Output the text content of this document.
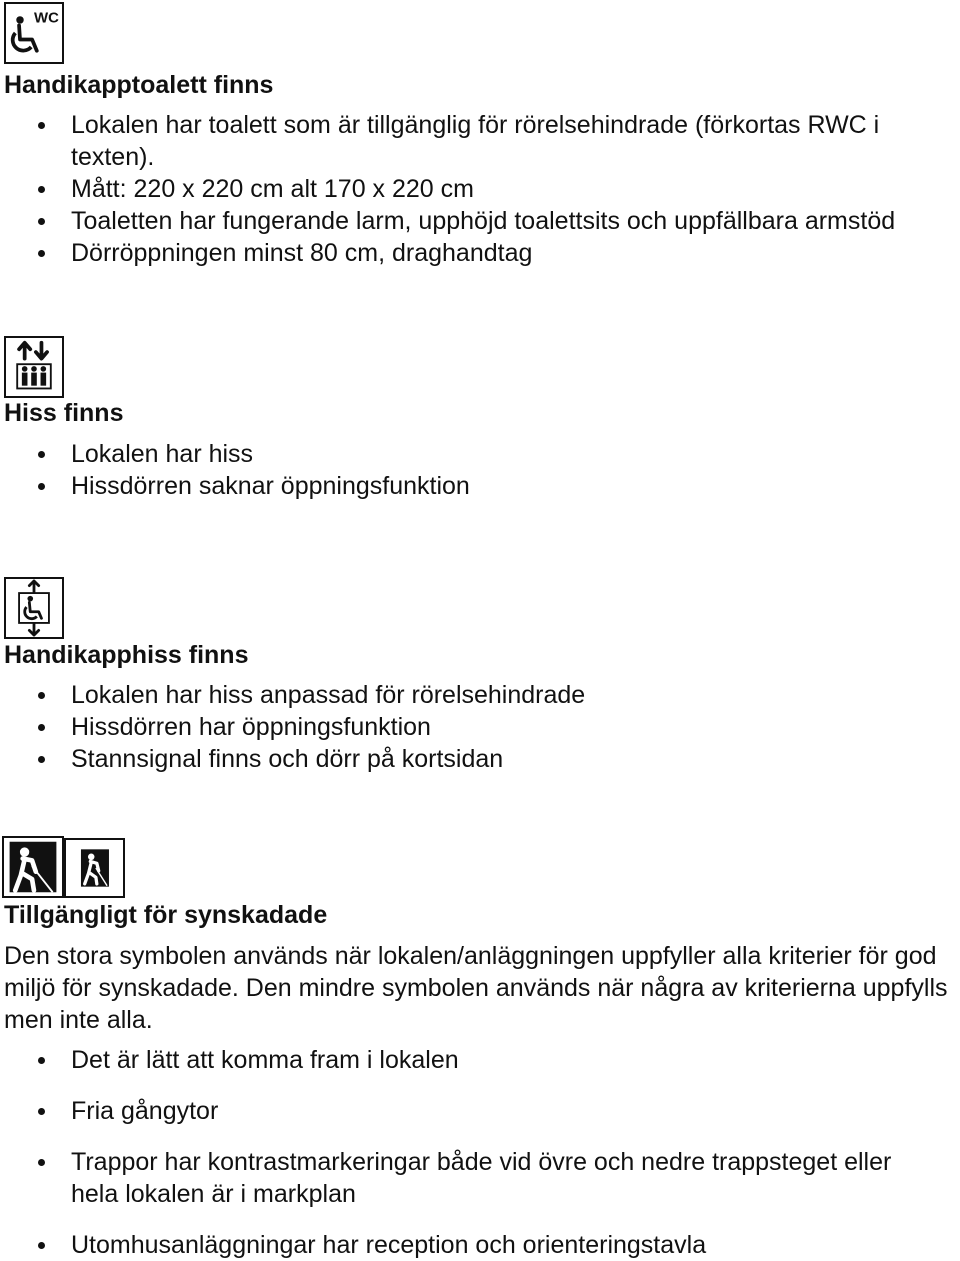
WC
Handikapptoalett finns
Lokalen har toalett som är tillgänglig för rörelsehindrade (förkortas RWC i texten).
Mått: 220 x 220 cm alt 170 x 220 cm
Toaletten har fungerande larm, upphöjd toalettsits och uppfällbara armstöd
Dörröppningen minst 80 cm, draghandtag
Hiss finns
Lokalen har hiss
Hissdörren saknar öppningsfunktion
Handikapphiss finns
Lokalen har hiss anpassad för rörelsehindrade
Hissdörren har öppningsfunktion
Stannsignal finns och dörr på kortsidan
Tillgängligt för synskadade

Den stora symbolen används när lokalen/anläggningen uppfyller alla kriterier för god miljö för synskadade. Den mindre symbolen används när några av kriterierna uppfylls men inte alla.

Det är lätt att komma fram i lokalen
Fria gångytor
Trappor har kontrastmarkeringar både vid övre och nedre trappsteget eller hela lokalen är i markplan
Utomhusanläggningar har reception och orienteringstavla
